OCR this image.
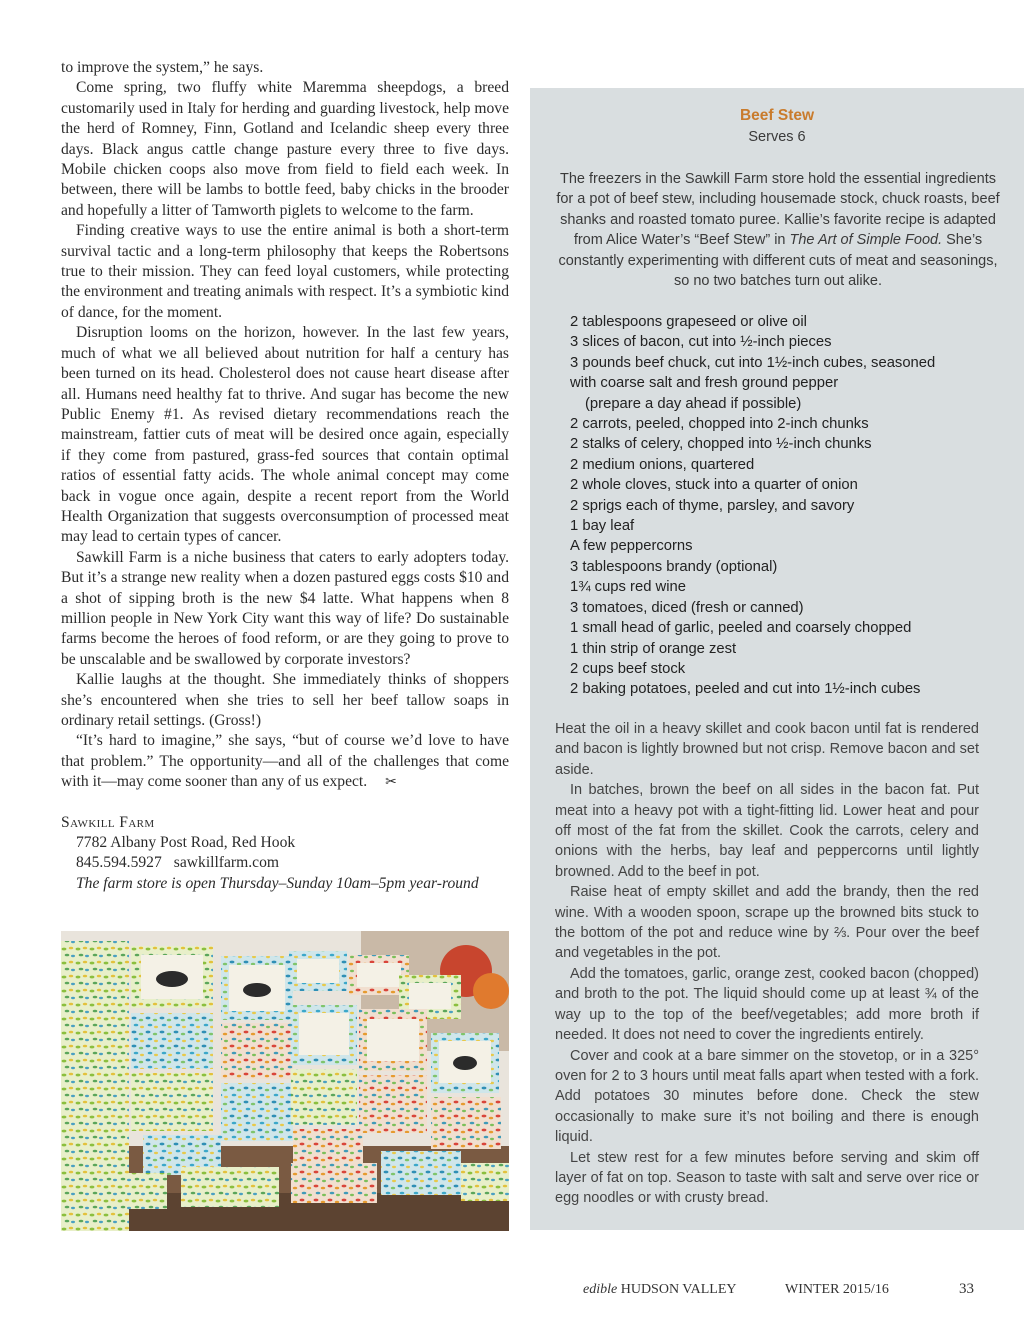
to improve the system,” he says.

Come spring, two fluffy white Maremma sheepdogs, a breed customarily used in Italy for herding and guarding livestock, help move the herd of Romney, Finn, Gotland and Icelandic sheep every three days. Black angus cattle change pasture every three to five days. Mobile chicken coops also move from field to field each week. In between, there will be lambs to bottle feed, baby chicks in the brooder and hopefully a litter of Tamworth piglets to welcome to the farm.

Finding creative ways to use the entire animal is both a short-term survival tactic and a long-term philosophy that keeps the Robertsons true to their mission. They can feed loyal customers, while protecting the environment and treating animals with respect. It’s a symbiotic kind of dance, for the moment.

Disruption looms on the horizon, however. In the last few years, much of what we all believed about nutrition for half a century has been turned on its head. Cholesterol does not cause heart disease after all. Humans need healthy fat to thrive. And sugar has become the new Public Enemy #1. As revised dietary recommendations reach the mainstream, fattier cuts of meat will be desired once again, especially if they come from pastured, grass-fed sources that contain optimal ratios of essential fatty acids. The whole animal concept may come back in vogue once again, despite a recent report from the World Health Organization that suggests overconsumption of processed meat may lead to certain types of cancer.

Sawkill Farm is a niche business that caters to early adopters today. But it’s a strange new reality when a dozen pastured eggs costs $10 and a shot of sipping broth is the new $4 latte. What happens when 8 million people in New York City want this way of life? Do sustainable farms become the heroes of food reform, or are they going to prove to be unscalable and be swallowed by corporate investors?

Kallie laughs at the thought. She immediately thinks of shoppers she’s encountered when she tries to sell her beef tallow soaps in ordinary retail settings. (Gross!)

“It’s hard to imagine,” she says, “but of course we’d love to have that problem.” The opportunity—and all of the challenges that come with it—may come sooner than any of us expect. ✂

Sawkill Farm
7782 Albany Post Road, Red Hook
845.594.5927 sawkillfarm.com
The farm store is open Thursday–Sunday 10am–5pm year-round
Beef Stew
Serves 6
The freezers in the Sawkill Farm store hold the essential ingredients for a pot of beef stew, including housemade stock, chuck roasts, beef shanks and roasted tomato puree. Kallie’s favorite recipe is adapted from Alice Water’s “Beef Stew” in The Art of Simple Food. She’s constantly experimenting with different cuts of meat and seasonings, so no two batches turn out alike.
2 tablespoons grapeseed or olive oil
3 slices of bacon, cut into ½-inch pieces
3 pounds beef chuck, cut into 1½-inch cubes, seasoned
with coarse salt and fresh ground pepper
(prepare a day ahead if possible)
2 carrots, peeled, chopped into 2-inch chunks
2 stalks of celery, chopped into ½-inch chunks
2 medium onions, quartered
2 whole cloves, stuck into a quarter of onion
2 sprigs each of thyme, parsley, and savory
1 bay leaf
A few peppercorns
3 tablespoons brandy (optional)
1¾ cups red wine
3 tomatoes, diced (fresh or canned)
1 small head of garlic, peeled and coarsely chopped
1 thin strip of orange zest
2 cups beef stock
2 baking potatoes, peeled and cut into 1½-inch cubes

Heat the oil in a heavy skillet and cook bacon until fat is rendered and bacon is lightly browned but not crisp. Remove bacon and set aside.

In batches, brown the beef on all sides in the bacon fat. Put meat into a heavy pot with a tight-fitting lid. Lower heat and pour off most of the fat from the skillet. Cook the carrots, celery and onions with the herbs, bay leaf and peppercorns until lightly browned. Add to the beef in pot.

Raise heat of empty skillet and add the brandy, then the red wine. With a wooden spoon, scrape up the browned bits stuck to the bottom of the pot and reduce wine by ⅔. Pour over the beef and vegetables in the pot.

Add the tomatoes, garlic, orange zest, cooked bacon (chopped) and broth to the pot. The liquid should come up at least ¾ of the way up to the top of the beef/vegetables; add more broth if needed. It does not need to cover the ingredients entirely.

Cover and cook at a bare simmer on the stovetop, or in a 325° oven for 2 to 3 hours until meat falls apart when tested with a fork. Add potatoes 30 minutes before done. Check the stew occasionally to make sure it’s not boiling and there is enough liquid.

Let stew rest for a few minutes before serving and skim off layer of fat on top. Season to taste with salt and serve over rice or egg noodles or with crusty bread.

edible HUDSON VALLEY	WINTER 2015/16	33
